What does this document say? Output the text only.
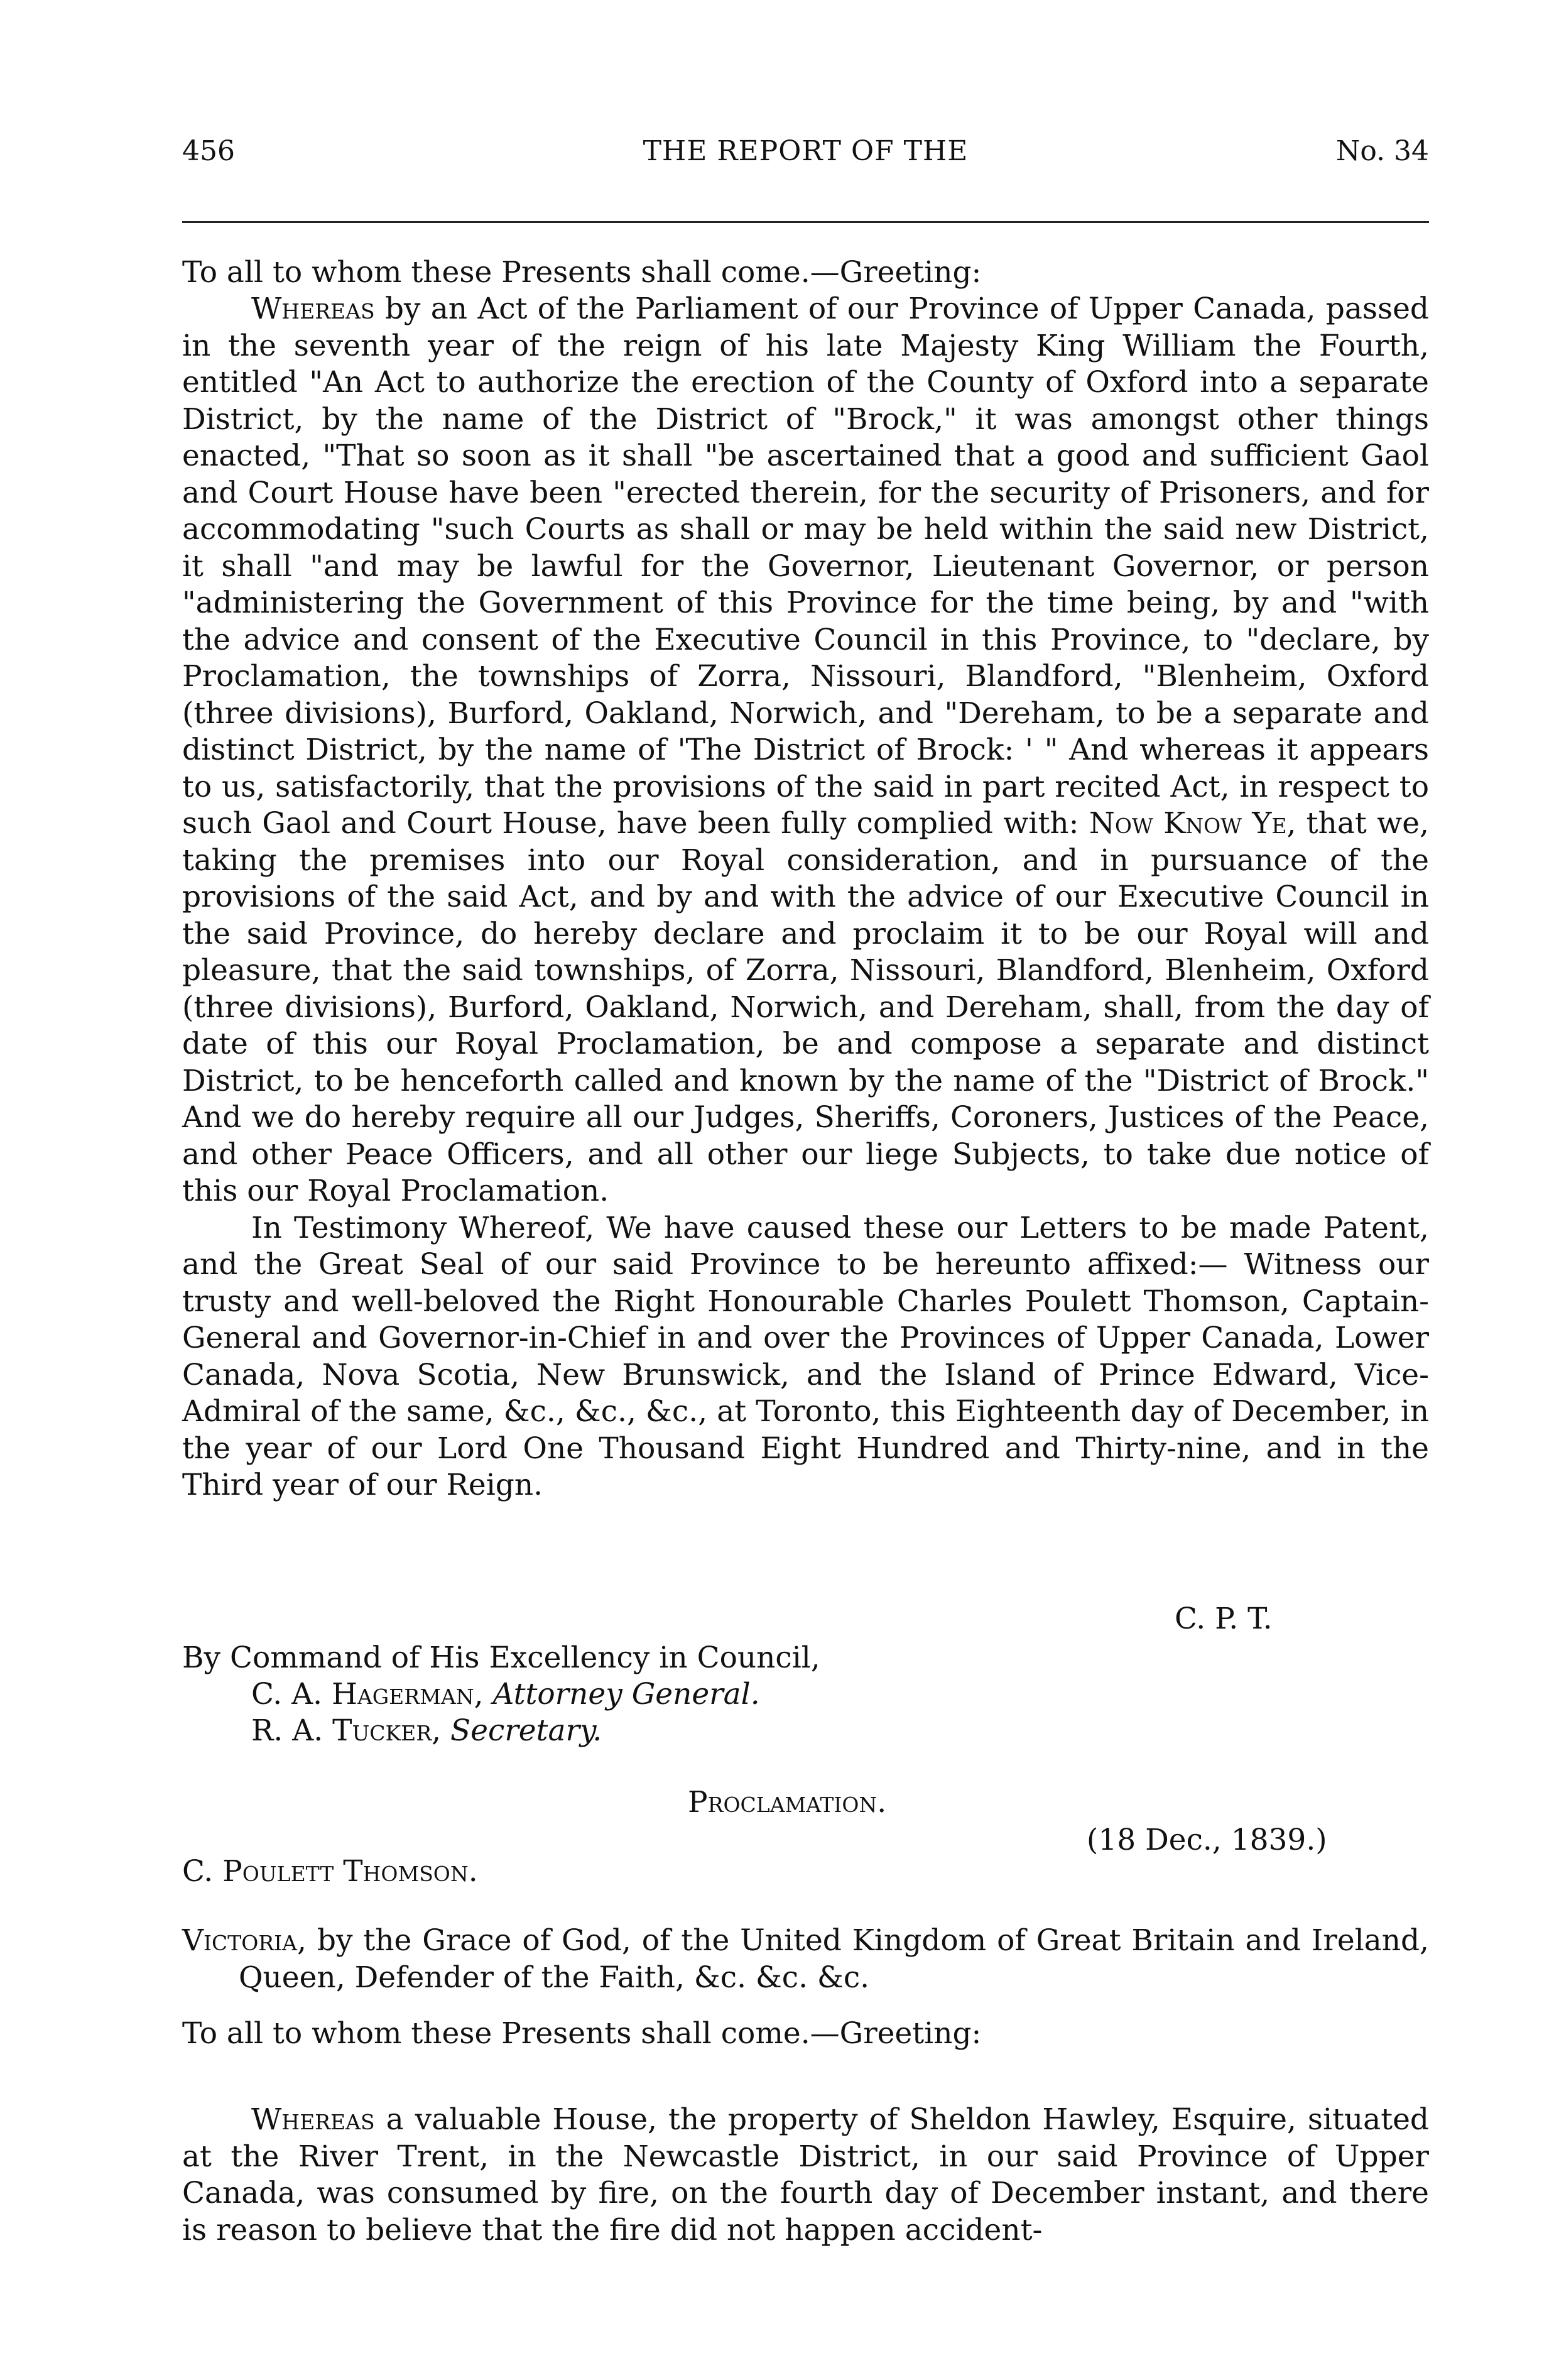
456	THE REPORT OF THE	No. 34

To all to whom these Presents shall come.—Greeting:

Whereas by an Act of the Parliament of our Province of Upper Canada, passed in the seventh year of the reign of his late Majesty King William the Fourth, entitled "An Act to authorize the erection of the County of Oxford into a separate District, by the name of the District of "Brock," it was amongst other things enacted, "That so soon as it shall "be ascertained that a good and sufficient Gaol and Court House have been "erected therein, for the security of Prisoners, and for accommodating "such Courts as shall or may be held within the said new District, it shall "and may be lawful for the Governor, Lieutenant Governor, or person "administering the Government of this Province for the time being, by and "with the advice and consent of the Executive Council in this Province, to "declare, by Proclamation, the townships of Zorra, Nissouri, Blandford, "Blenheim, Oxford (three divisions), Burford, Oakland, Norwich, and "Dereham, to be a separate and distinct District, by the name of 'The District of Brock: ' " And whereas it appears to us, satisfactorily, that the provisions of the said in part recited Act, in respect to such Gaol and Court House, have been fully complied with: Now Know Ye, that we, taking the premises into our Royal consideration, and in pursuance of the provisions of the said Act, and by and with the advice of our Executive Council in the said Province, do hereby declare and proclaim it to be our Royal will and pleasure, that the said townships, of Zorra, Nissouri, Blandford, Blenheim, Oxford (three divisions), Burford, Oakland, Norwich, and Dereham, shall, from the day of date of this our Royal Proclamation, be and compose a separate and distinct District, to be henceforth called and known by the name of the "District of Brock." And we do hereby require all our Judges, Sheriffs, Coroners, Justices of the Peace, and other Peace Officers, and all other our liege Subjects, to take due notice of this our Royal Proclamation.

In Testimony Whereof, We have caused these our Letters to be made Patent, and the Great Seal of our said Province to be hereunto affixed:— Witness our trusty and well-beloved the Right Honourable Charles Poulett Thomson, Captain-General and Governor-in-Chief in and over the Provinces of Upper Canada, Lower Canada, Nova Scotia, New Brunswick, and the Island of Prince Edward, Vice-Admiral of the same, &c., &c., &c., at Toronto, this Eighteenth day of December, in the year of our Lord One Thousand Eight Hundred and Thirty-nine, and in the Third year of our Reign.

C. P. T.
By Command of His Excellency in Council,
C. A. Hagerman, Attorney General.
R. A. Tucker, Secretary.
Proclamation.
(18 Dec., 1839.)
C. Poulett Thomson.

Victoria, by the Grace of God, of the United Kingdom of Great Britain and Ireland, Queen, Defender of the Faith, &c. &c. &c.

To all to whom these Presents shall come.—Greeting:

Whereas a valuable House, the property of Sheldon Hawley, Esquire, situated at the River Trent, in the Newcastle District, in our said Province of Upper Canada, was consumed by fire, on the fourth day of December instant, and there is reason to believe that the fire did not happen accident-
